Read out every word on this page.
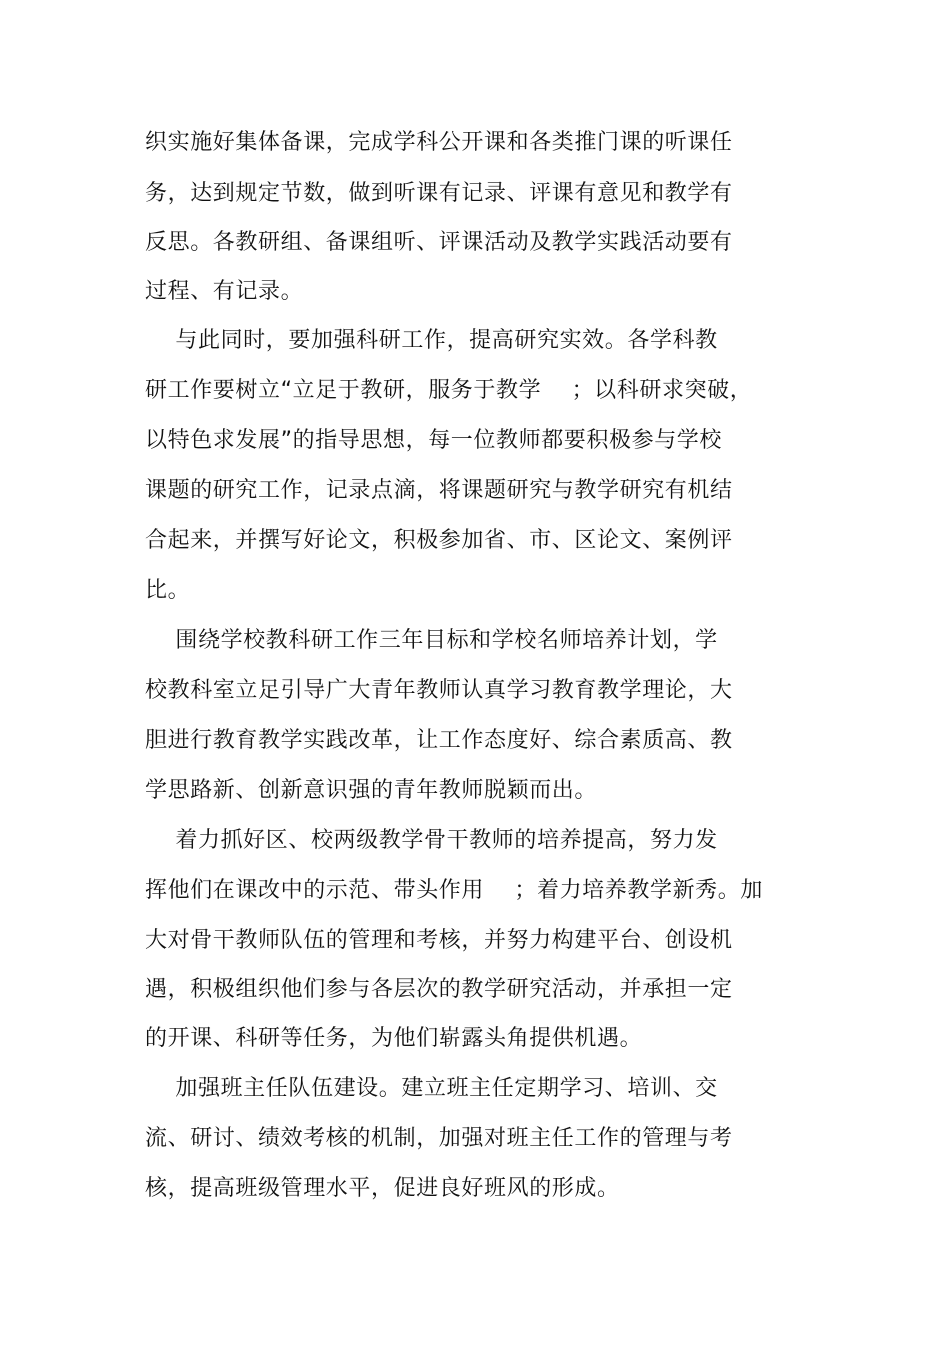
织实施好集体备课，完成学科公开课和各类推门课的听课任
务，达到规定节数，做到听课有记录、评课有意见和教学有
反思。各教研组、备课组听、评课活动及教学实践活动要有
过程、有记录。
与此同时，要加强科研工作，提高研究实效。各学科教
研工作要树立“立足于教研，服务于教学    ；以科研求突破，
以特色求发展”的指导思想，每一位教师都要积极参与学校
课题的研究工作，记录点滴，将课题研究与教学研究有机结
合起来，并撰写好论文，积极参加省、市、区论文、案例评
比。
围绕学校教科研工作三年目标和学校名师培养计划，学
校教科室立足引导广大青年教师认真学习教育教学理论，大
胆进行教育教学实践改革，让工作态度好、综合素质高、教
学思路新、创新意识强的青年教师脱颖而出。
着力抓好区、校两级教学骨干教师的培养提高，努力发
挥他们在课改中的示范、带头作用    ；着力培养教学新秀。加
大对骨干教师队伍的管理和考核，并努力构建平台、创设机
遇，积极组织他们参与各层次的教学研究活动，并承担一定
的开课、科研等任务，为他们崭露头角提供机遇。
加强班主任队伍建设。建立班主任定期学习、培训、交
流、研讨、绩效考核的机制，加强对班主任工作的管理与考
核，提高班级管理水平，促进良好班风的形成。
